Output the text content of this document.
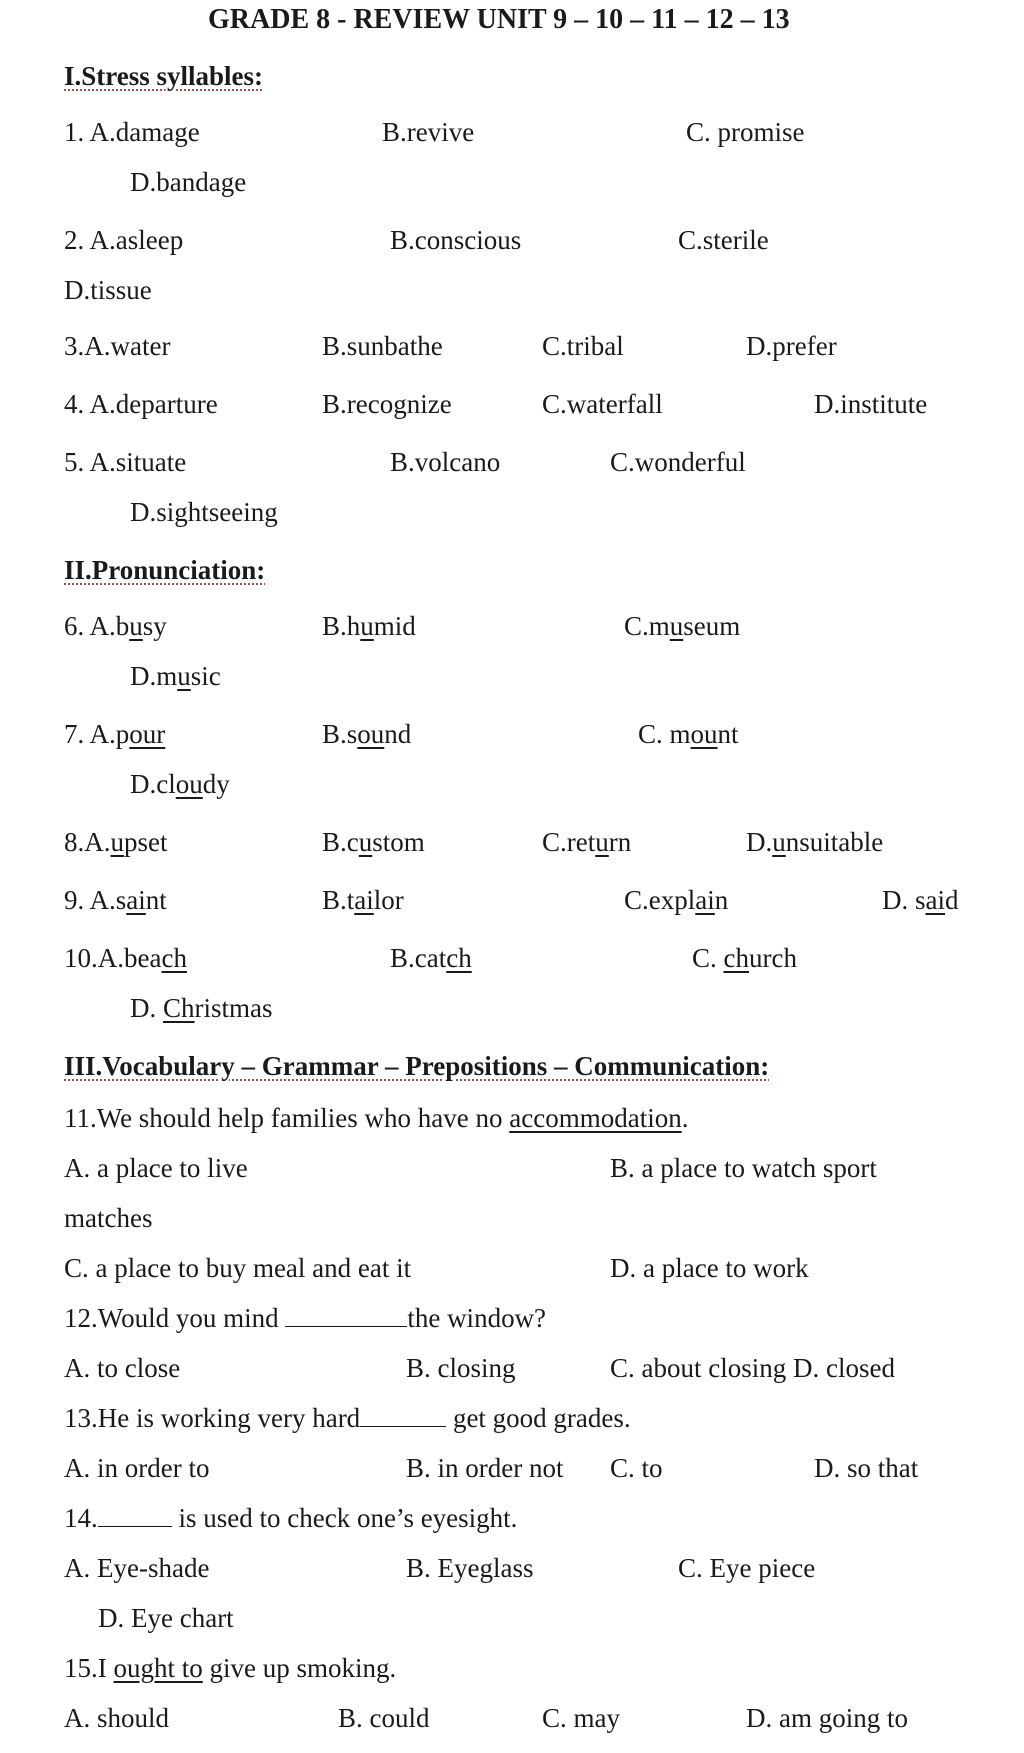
GRADE 8 - REVIEW UNIT 9 – 10 – 11 – 12 – 13
I.Stress syllables:
1. A.damage	B.revive	C. promise
D.bandage
2. A.asleep	B.conscious	C.sterile
D.tissue
3.A.water	B.sunbathe	C.tribal	D.prefer
4. A.departure	B.recognize	C.waterfall	D.institute
5. A.situate	B.volcano	C.wonderful
D.sightseeing
II.Pronunciation:
6. A.busy	B.humid	C.museum
D.music
7. A.pour	B.sound	C. mount
D.cloudy
8.A.upset	B.custom	C.return	D.unsuitable
9. A.saint	B.tailor	C.explain	D. said
10.A.beach	B.catch	C. church
D. Christmas
III.Vocabulary – Grammar – Prepositions – Communication:
11.We should help families who have no accommodation.
A. a place to live	B. a place to watch sport
matches
C. a place to buy meal and eat it	D. a place to work
12.Would you mind	the window?
A. to close	B. closing	C. about closing D. closed
13.He is working very hard	get good grades.
A. in order to	B. in order not C. to	D. so that
14.	is used to check one’s eyesight.
A. Eye-shade	B. Eyeglass	C. Eye piece
D. Eye chart
15.I ought to give up smoking.
A. should	B. could	C. may	D. am going to
